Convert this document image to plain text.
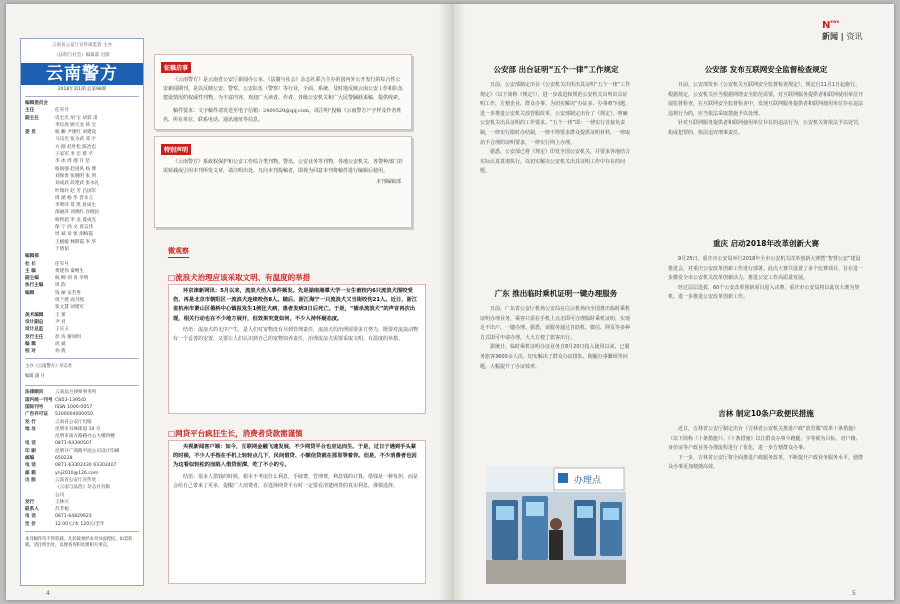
云南省公安厅宣传部监管 主办
《法制与社会》编辑部 出版
云南警方
2018年第1期 总第98期
编辑委员会
主任	任军号
副主任	史宏光 胡 宝 胡彩 甫
李信虎 顾天龙 韩 宝
委 员	杨 鹏 尹建红 刘建设
马汉光 张为武 邓 宇
方 刚 赵叶松 陈冶忠
王家军 李 宏 蔡 平
李 冰 周 理 许 坚
杨国强 赵国风 杨 博
刘保贵 张晓明 张 剑
刘成武 段建武 张永礼
叶瑞玲 赵 芳 吕国军
周 涵 杨 华 晋永云
李利萍 常 凯 蒋成生
邵丽萍 刘晓红 谷晓民
杨智超 李 龙 夏成光
保 宁 尚 文 普志伟
周 斌 章 恒 胡梅霞
王媛媛 林斯霞 李 华
于倩茹
编辑部
社 长	任军号
主 编	黄建伟 秦继生
副主编	杨 柳 刘 青 李明
执行主编	周 韵
编辑	钱 丽 宋若男
周兰建 高月熙
张文慧 刘建军
美术编辑	王 蕾
设计副总	尹 君
设计总监	王庆玉
发行主任	彭 涛 谢凤明
编 辑	尚 斌
校 对	孙 倩
主办《云南警方》杂志社
编辑 副 月
法律顾问	云南法方律师事务所
国内统一刊号 CN53-1395/D
国际刊号	ISSN 1006-0057
广告许可证	5300004000050
发 行	云南省公安厅出版
地 址	昆明市书林街道 10 号
昆明市南方路路办公大楼四楼
电 话	0871-64390507
印 刷	昆明开广领路平面公司设计印刷
邮编	650228
电 话	0871-63302430 63302407
邮 箱	ynj2010@126.com
出 版	云南省公安厅宣传处
《云南与法治》杂志社有限
公司
发行	王林兴
联系人	苏芳根
电 话	0871-64829623
定 价	12.00元/本 120元/全年
本刊稿件均不得转载，凡转载须经本刊书面授权。如需转载，请注明出处，以便查询和处理相关事宜。
征稿启事
《云南警方》是云南省公安厅新闻办公室、《法制与社会》杂志社联合主办的国内外公开发行的综合性公安新闻期刊，是以反映公安、警察、公安队伍（警察）等行业，全面、系统、及时地反映云南公安工作和队伍建设情况的权威性刊物。为丰富内容，欢迎广大读者、作者、各级公安机关和广大民警踊跃来稿，提供线索。
稿件要求：文字稿件请发送至电子信箱：2400520@qq.com，请注明“投稿《云南警方》”字样及作者姓名、所在单位、联系电话、通讯地址等信息。
特别声明
《云南警方》系政权保护和公安工作综合类刊物。警讯、公安业务等刊物，各地公安机关、各警种部门若需转载或引用本刊所发文章，请注明出处。凡向本刊投稿者，即视为同意本刊将稿件进行编辑后使用。
本刊编辑部
微观察
□流浪犬治理应该采取文明、有温度的举措
环京津新网讯：5月以来，流浪犬伤人事件频发。先是湖南湘潭大学一女生被校内6只流浪犬围咬受伤，再是北京市朝阳区一流浪犬连续咬伤8人。随后，浙江海宁一只流浪犬又当街咬伤21人。近日，浙江省杭州市萧山区俄桥中心镇报发生1例狂犬病，患者发病3日后死亡。于是，“捕杀流浪犬”的声音再次出现，相关行动也在不少地方展开，但效果究竟如何，不少人持怀疑态度。
结语：流浪犬的无序产生，是人们对宠物没有尽到管理责任，流浪犬的治理需要多方努力，既要对流浪动物有一个妥善的安置，又要让人们认识到自己的宠物饲养责任，治理流浪犬需要采取文明、有温度的举措。
□网贷平台疯狂生长，消费者贷款需谨慎
央视新闻客户端：如今，互联网金融飞速发展，不少网贷平台也应运而生。于是，过日子遇到手头紧的时候，不少人手指在手机上轻轻点几下，民间借贷、小额信贷就在那里等着你。但是，不少消费者也因为这看似轻松的而陷入借贷泥潭，吃了不小的亏。
结语：很多人借钱的时候，根本不考虑什么利息，手续费，管理费，利息钱的计算，借钱是一种负担，而是会给自己带来了更多，提醒广大消费者，在选择网贷平台时一定要看清楚网贷的真实利息，谨慎选择。
4
$N^{EWS}$
新闻 | 资讯
公安部 出台证明“五个一律”工作规定
日前，公安部制定出台《公安机关出所出具证明“五个一律”工作规定》（以下简称《规定》），进一步改进和规范公安机关出所出具证明工作，方便企业、群众办事。为切实解决“办证多、办事难”问题，进一步推进公安机关放管服改革，公安部制定出台了《规定》，明确公安机关出具证明的工作要求。“五个一律”即：一律实行首接负责制，一律实行限时办结制，一律不得要求群众提供证明材料，一律取消不合理的证明要求，一律实行网上办理。
据悉，公安部已将《规定》印发全国公安机关，并要求各地结合实际认真贯彻执行，以切实解决公安机关出具证明工作中存在的问题。
广东 推出临时乘机证明一键办理服务
日前，广东省公安厅机场公安局在白云机场向全国推出临时乘机证明办理业务，乘客只需在手机上点击即可办理临时乘机证明，实现足不出户、一键办理。据悉，该服务通过自助机、微信、网页等多种方式即可申请办理，大大方便了旅客出行。
据统计，临时乘机证明办证业务自8月20日投入使用以来，已服务旅客3600余人次，切实解决了群众办证排队、跑腿办事繁琐等问题，大幅提升了办证效率。
办理点
公安部 发布互联网安全监督检查规定
日前，公安部发布《公安机关互联网安全监督检查规定》，规定自11月1日起施行。根据规定，公安机关应当根据网络安全防范需要，对互联网服务提供者和联网使用单位开展监督检查，在互联网安全监督检查中，发现互联网服务提供者和联网使用单位存在违法违规行为的，应当依法采取措施予以处理。
针对互联网服务提供者和联网使用单位存在的违法行为，公安机关将依法予以处罚，构成犯罪的，依法追究刑事责任。
重庆 启动2018年改革创新大赛
9月25日，重庆市公安局举行2018年全市公安机关改革创新大赛暨“智慧公安”建设推进会，对重庆公安改革创新工作进行部署。此次大赛共设置了多个比赛项目，旨在进一步激发全市公安机关改革创新活力，推进公安工作高质量发展。
经过层层选拔，60个公安改革创新项目进入决赛，重庆市公安局将以此次大赛为契机，进一步推进公安改革创新工作。
吉林 制定10条户政便民措施
近日，吉林省公安厅制定出台《吉林省公安机关推进户政“放管服”改革十条措施》（以下简称《十条措施》）。《十条措施》以让群众办事少跑腿，少等候为目标，对户籍、身份证等户政业务办理流程进行了优化，进一步方便群众办事。
下一步，吉林省公安厅将全面推进户政服务改革，不断提升户政业务服务水平，使群众办事更加便捷高效。
5
